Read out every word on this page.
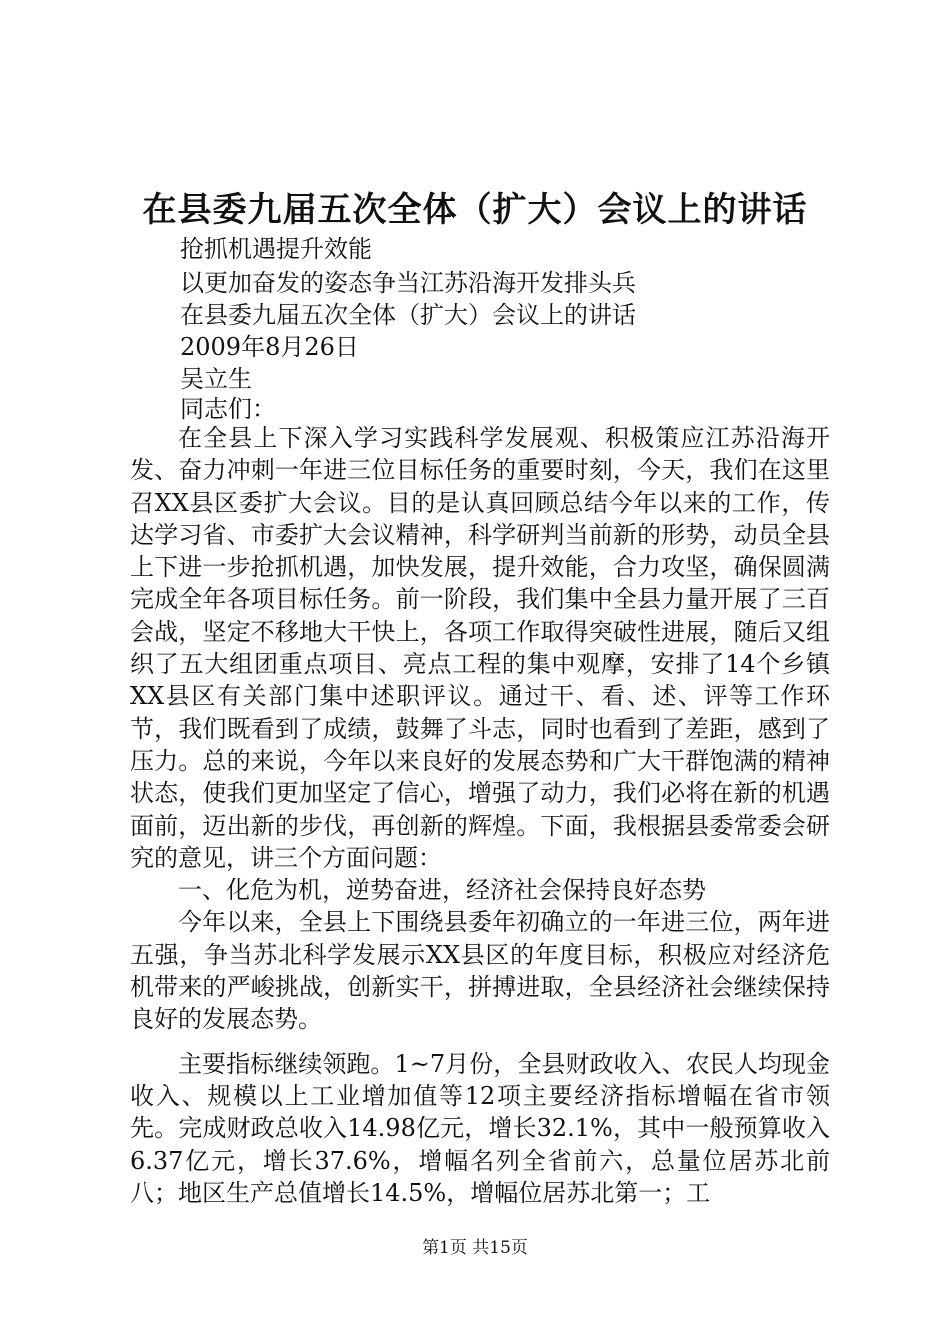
在县委九届五次全体（扩大）会议上的讲话
抢抓机遇提升效能
以更加奋发的姿态争当江苏沿海开发排头兵
在县委九届五次全体（扩大）会议上的讲话
2009年8月26日
吴立生
同志们：

在全县上下深入学习实践科学发展观、积极策应江苏沿海开发、奋力冲刺一年进三位目标任务的重要时刻，今天，我们在这里召XX县区委扩大会议。目的是认真回顾总结今年以来的工作，传达学习省、市委扩大会议精神，科学研判当前新的形势，动员全县上下进一步抢抓机遇，加快发展，提升效能，合力攻坚，确保圆满完成全年各项目标任务。前一阶段，我们集中全县力量开展了三百会战，坚定不移地大干快上，各项工作取得突破性进展，随后又组织了五大组团重点项目、亮点工程的集中观摩，安排了14个乡镇XX县区有关部门集中述职评议。通过干、看、述、评等工作环节，我们既看到了成绩，鼓舞了斗志，同时也看到了差距，感到了压力。总的来说，今年以来良好的发展态势和广大干群饱满的精神状态，使我们更加坚定了信心，增强了动力，我们必将在新的机遇面前，迈出新的步伐，再创新的辉煌。下面，我根据县委常委会研究的意见，讲三个方面问题：

一、化危为机，逆势奋进，经济社会保持良好态势

今年以来，全县上下围绕县委年初确立的一年进三位，两年进五强，争当苏北科学发展示XX县区的年度目标，积极应对经济危机带来的严峻挑战，创新实干，拼搏进取，全县经济社会继续保持良好的发展态势。

主要指标继续领跑。1~7月份，全县财政收入、农民人均现金收入、规模以上工业增加值等12项主要经济指标增幅在省市领先。完成财政总收入14.98亿元，增长32.1%，其中一般预算收入6.37亿元，增长37.6%，增幅名列全省前六，总量位居苏北前八；地区生产总值增长14.5%，增幅位居苏北第一；工

第1页 共15页
